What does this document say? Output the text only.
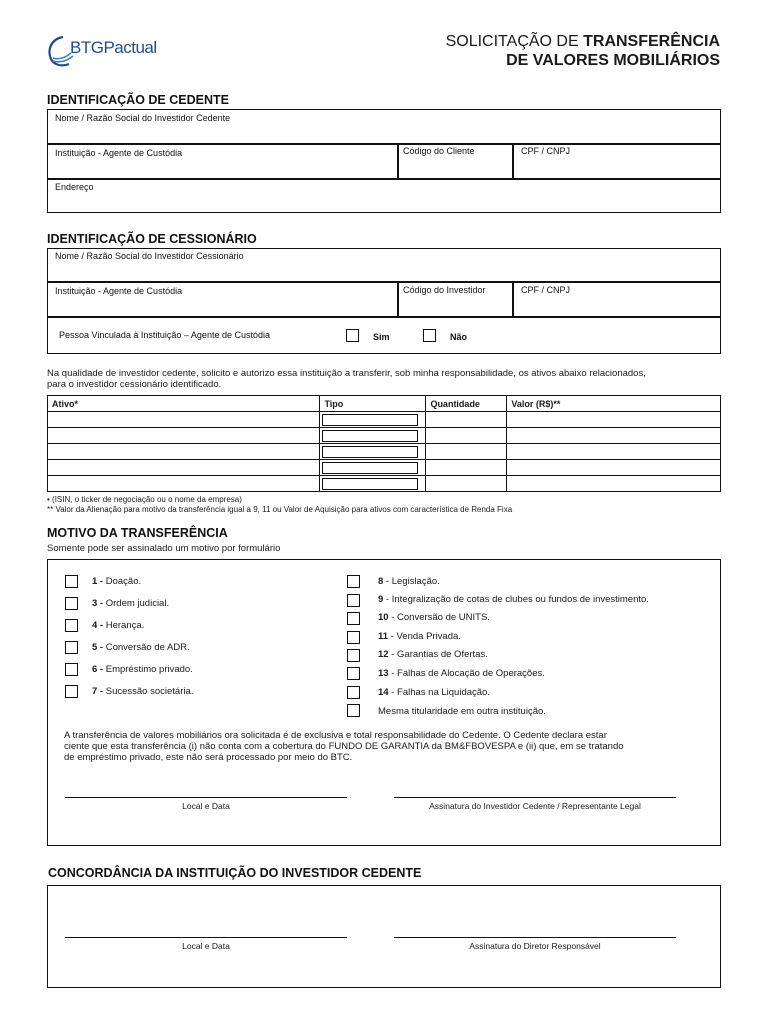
BTGPactual	SOLICITAÇÃO DE TRANSFERÊNCIA
DE VALORES MOBILIÁRIOS
IDENTIFICAÇÃO DE CEDENTE
Nome / Razão Social do Investidor Cedente
Instituição - Agente de Custódia	Código do Cliente	CPF / CNPJ
Endereço
IDENTIFICAÇÃO DE CESSIONÁRIO
Nome / Razão Social do Investidor Cessionário
Instituição - Agente de Custódia	Código do Investidor	CPF / CNPJ
Pessoa Vinculada à Instituição – Agente de Custódia	Sim	Não
Na qualidade de investidor cedente, solicito e autorizo essa instituição a transferir, sob minha responsabilidade, os ativos abaixo relacionados,
para o investidor cessionário identificado.
Ativo*	Tipo	Quantidade	Valor (R$)**

• (ISIN, o ticker de negociação ou o nome da empresa)
** Valor da Alienação para motivo da transferência igual a 9, 11 ou Valor de Aquisição para ativos com característica de Renda Fixa
MOTIVO DA TRANSFERÊNCIA
Somente pode ser assinalado um motivo por formulário
1 - Doação.
3 - Ordem judicial.
4 - Herança.
5 - Conversão de ADR.
6 - Empréstimo privado.
7 - Sucessão societária.
8 - Legislação.
9 - Integralização de cotas de clubes ou fundos de investimento.
10 - Conversão de UNITS.
11 - Venda Privada.
12 - Garantias de Ofertas.
13 - Falhas de Alocação de Operações.
14 - Falhas na Liquidação.
Mesma titularidade em outra instituição.
A transferência de valores mobiliários ora solicitada é de exclusiva e total responsabilidade do Cedente. O Cedente declara estar
ciente que esta transferência (i) não conta com a cobertura do FUNDO DE GARANTIA da BM&FBOVESPA e (ii) que, em se tratando
de empréstimo privado, este não será processado por meio do BTC.
Local e Data	Assinatura do Investidor Cedente / Representante Legal
CONCORDÂNCIA DA INSTITUIÇÃO DO INVESTIDOR CEDENTE
Local e Data	Assinatura do Diretor Responsável
